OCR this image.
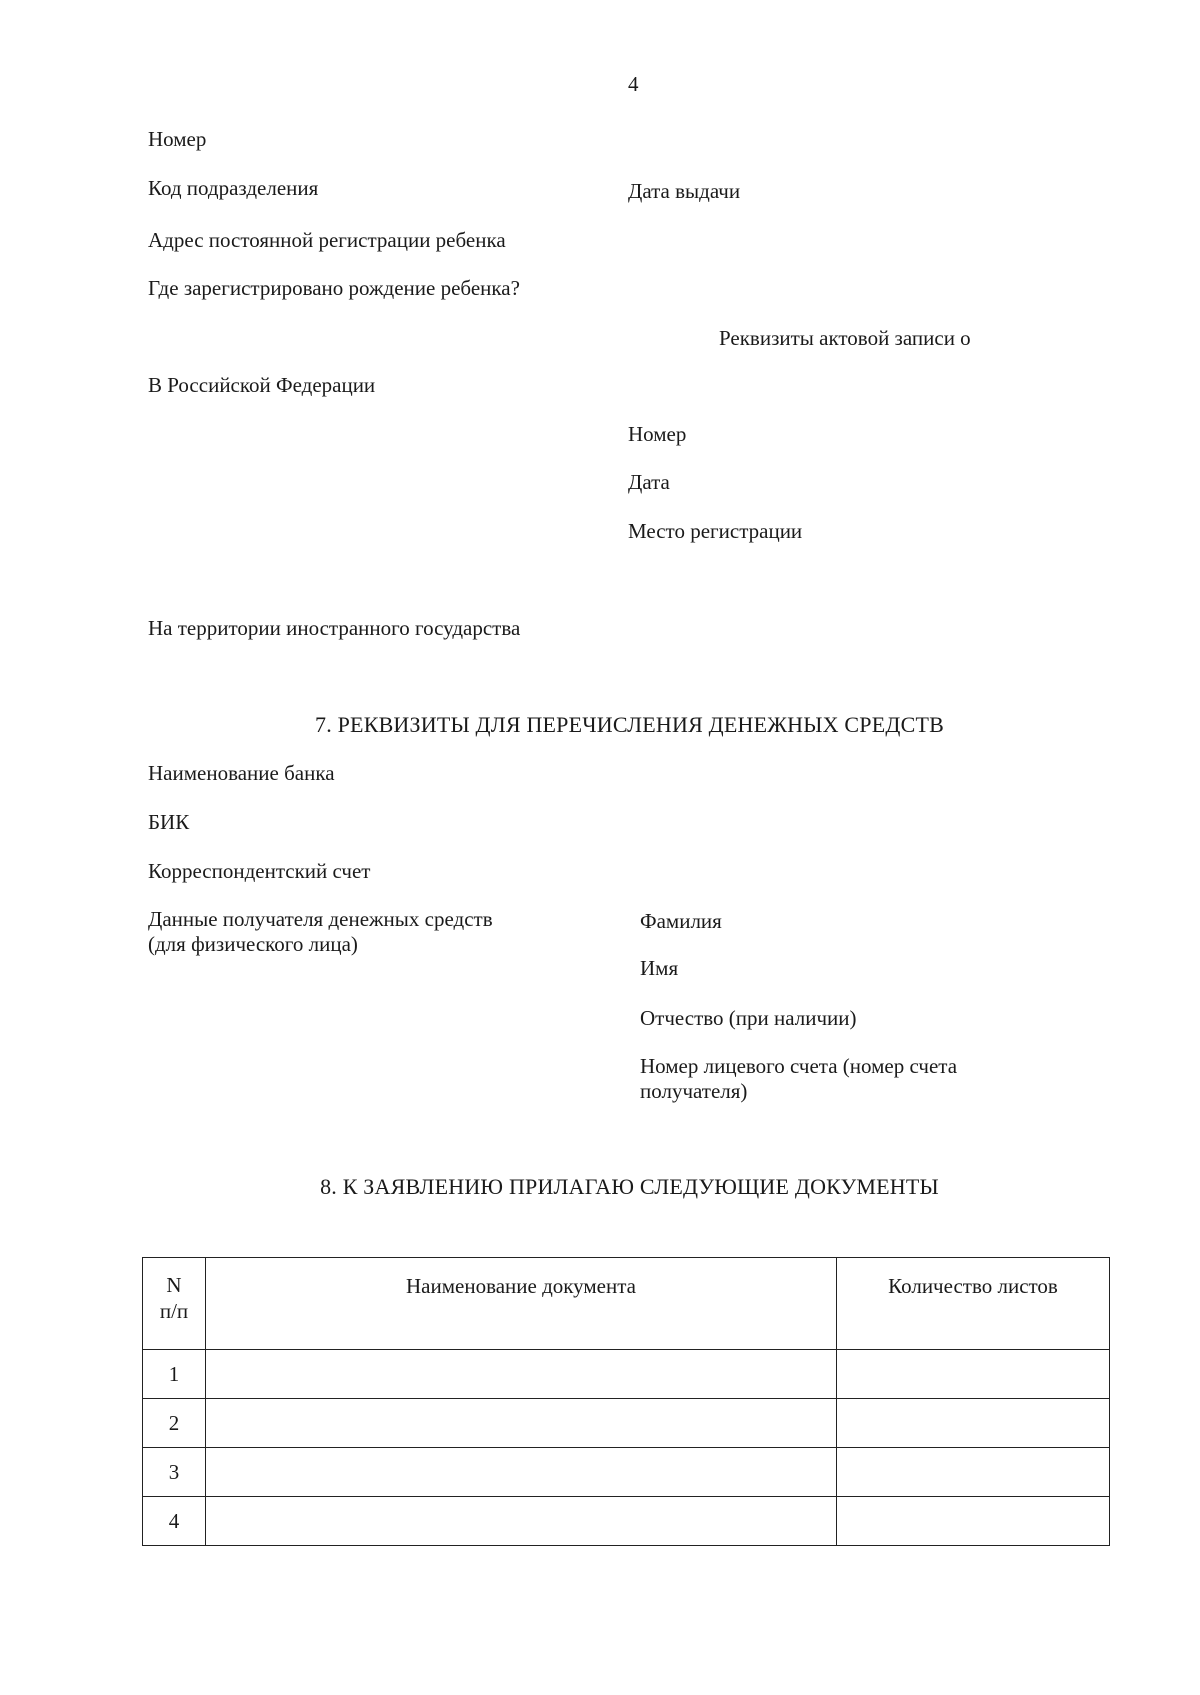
4
Номер
Код подразделения	Дата выдачи
Адрес постоянной регистрации ребенка
Где зарегистрировано рождение ребенка?
Реквизиты актовой записи о
В Российской Федерации
Номер
Дата
Место регистрации
На территории иностранного государства
7. РЕКВИЗИТЫ ДЛЯ ПЕРЕЧИСЛЕНИЯ ДЕНЕЖНЫХ СРЕДСТВ
Наименование банка
БИК
Корреспондентский счет
Данные получателя денежных средств
(для физического лица)
Фамилия
Имя
Отчество (при наличии)
Номер лицевого счета (номер счета
получателя)
8. К ЗАЯВЛЕНИЮ ПРИЛАГАЮ СЛЕДУЮЩИЕ ДОКУМЕНТЫ
N
п/п	Наименование документа	Количество листов
1		
2		
3		
4		
